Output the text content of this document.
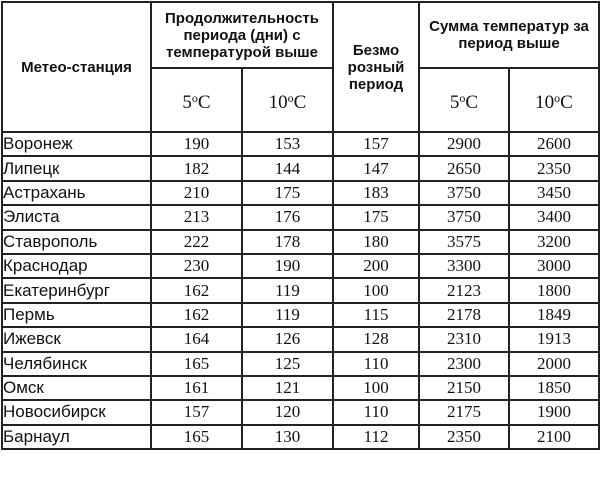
Метео-станция	Продолжительность периода (дни) с температурой выше		Безмо розный период	Сумма температур за период выше	
	$5^оС$	$10^оС$		$5^оС$	$10^оС$
Воронеж	190	153	157	2900	2600
Липецк	182	144	147	2650	2350
Астрахань	210	175	183	3750	3450
Элиста	213	176	175	3750	3400
Ставрополь	222	178	180	3575	3200
Краснодар	230	190	200	3300	3000
Екатеринбург	162	119	100	2123	1800
Пермь	162	119	115	2178	1849
Ижевск	164	126	128	2310	1913
Челябинск	165	125	110	2300	2000
Омск	161	121	100	2150	1850
Новосибирск	157	120	110	2175	1900
Барнаул	165	130	112	2350	2100
